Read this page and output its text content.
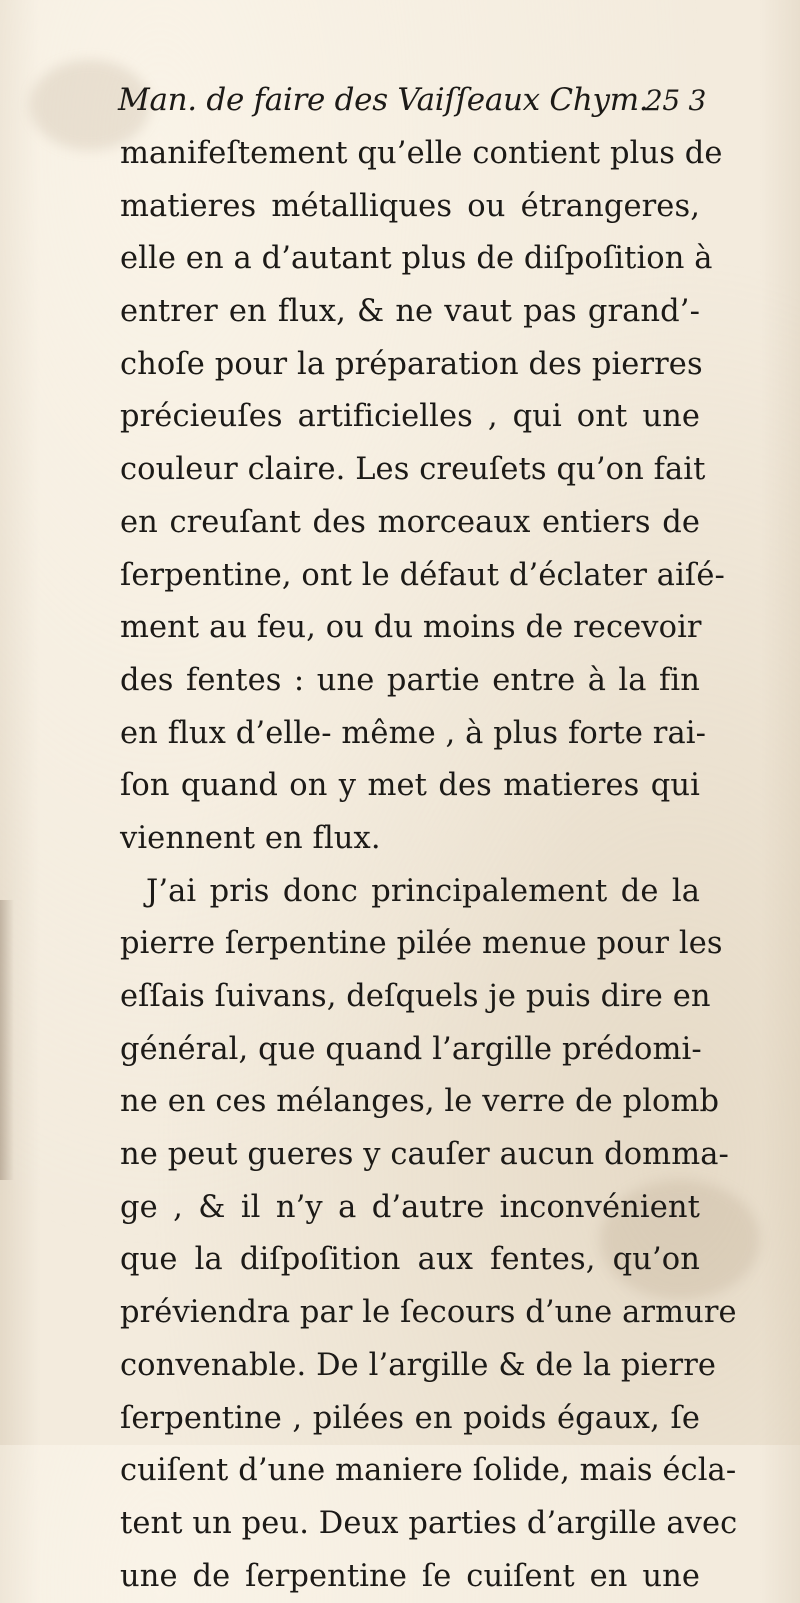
Man. de faire des Vaiſſeaux Chym.
25 3
manifeſtement qu’elle contient plus de
matieres métalliques ou étrangeres,
elle en a d’autant plus de diſpoſition à
entrer en flux, & ne vaut pas grand’-
choſe pour la préparation des pierres
précieuſes artificielles , qui ont une
couleur claire. Les creuſets qu’on fait
en creuſant des morceaux entiers de
ſerpentine, ont le défaut d’éclater aiſé-
ment au feu, ou du moins de recevoir
des fentes : une partie entre à la fin
en flux d’elle- même , à plus forte rai-
ſon quand on y met des matieres qui
viennent en flux.
J’ai pris donc principalement de la
pierre ſerpentine pilée menue pour les
eſſais ſuivans, deſquels je puis dire en
général, que quand l’argille prédomi-
ne en ces mélanges, le verre de plomb
ne peut gueres y cauſer aucun domma-
ge , & il n’y a d’autre inconvénient
que la diſpoſition aux fentes, qu’on
préviendra par le ſecours d’une armure
convenable. De l’argille & de la pierre
ſerpentine , pilées en poids égaux, ſe
cuiſent d’une maniere ſolide, mais écla-
tent un peu. Deux parties d’argille avec
une de ſerpentine ſe cuiſent en une
